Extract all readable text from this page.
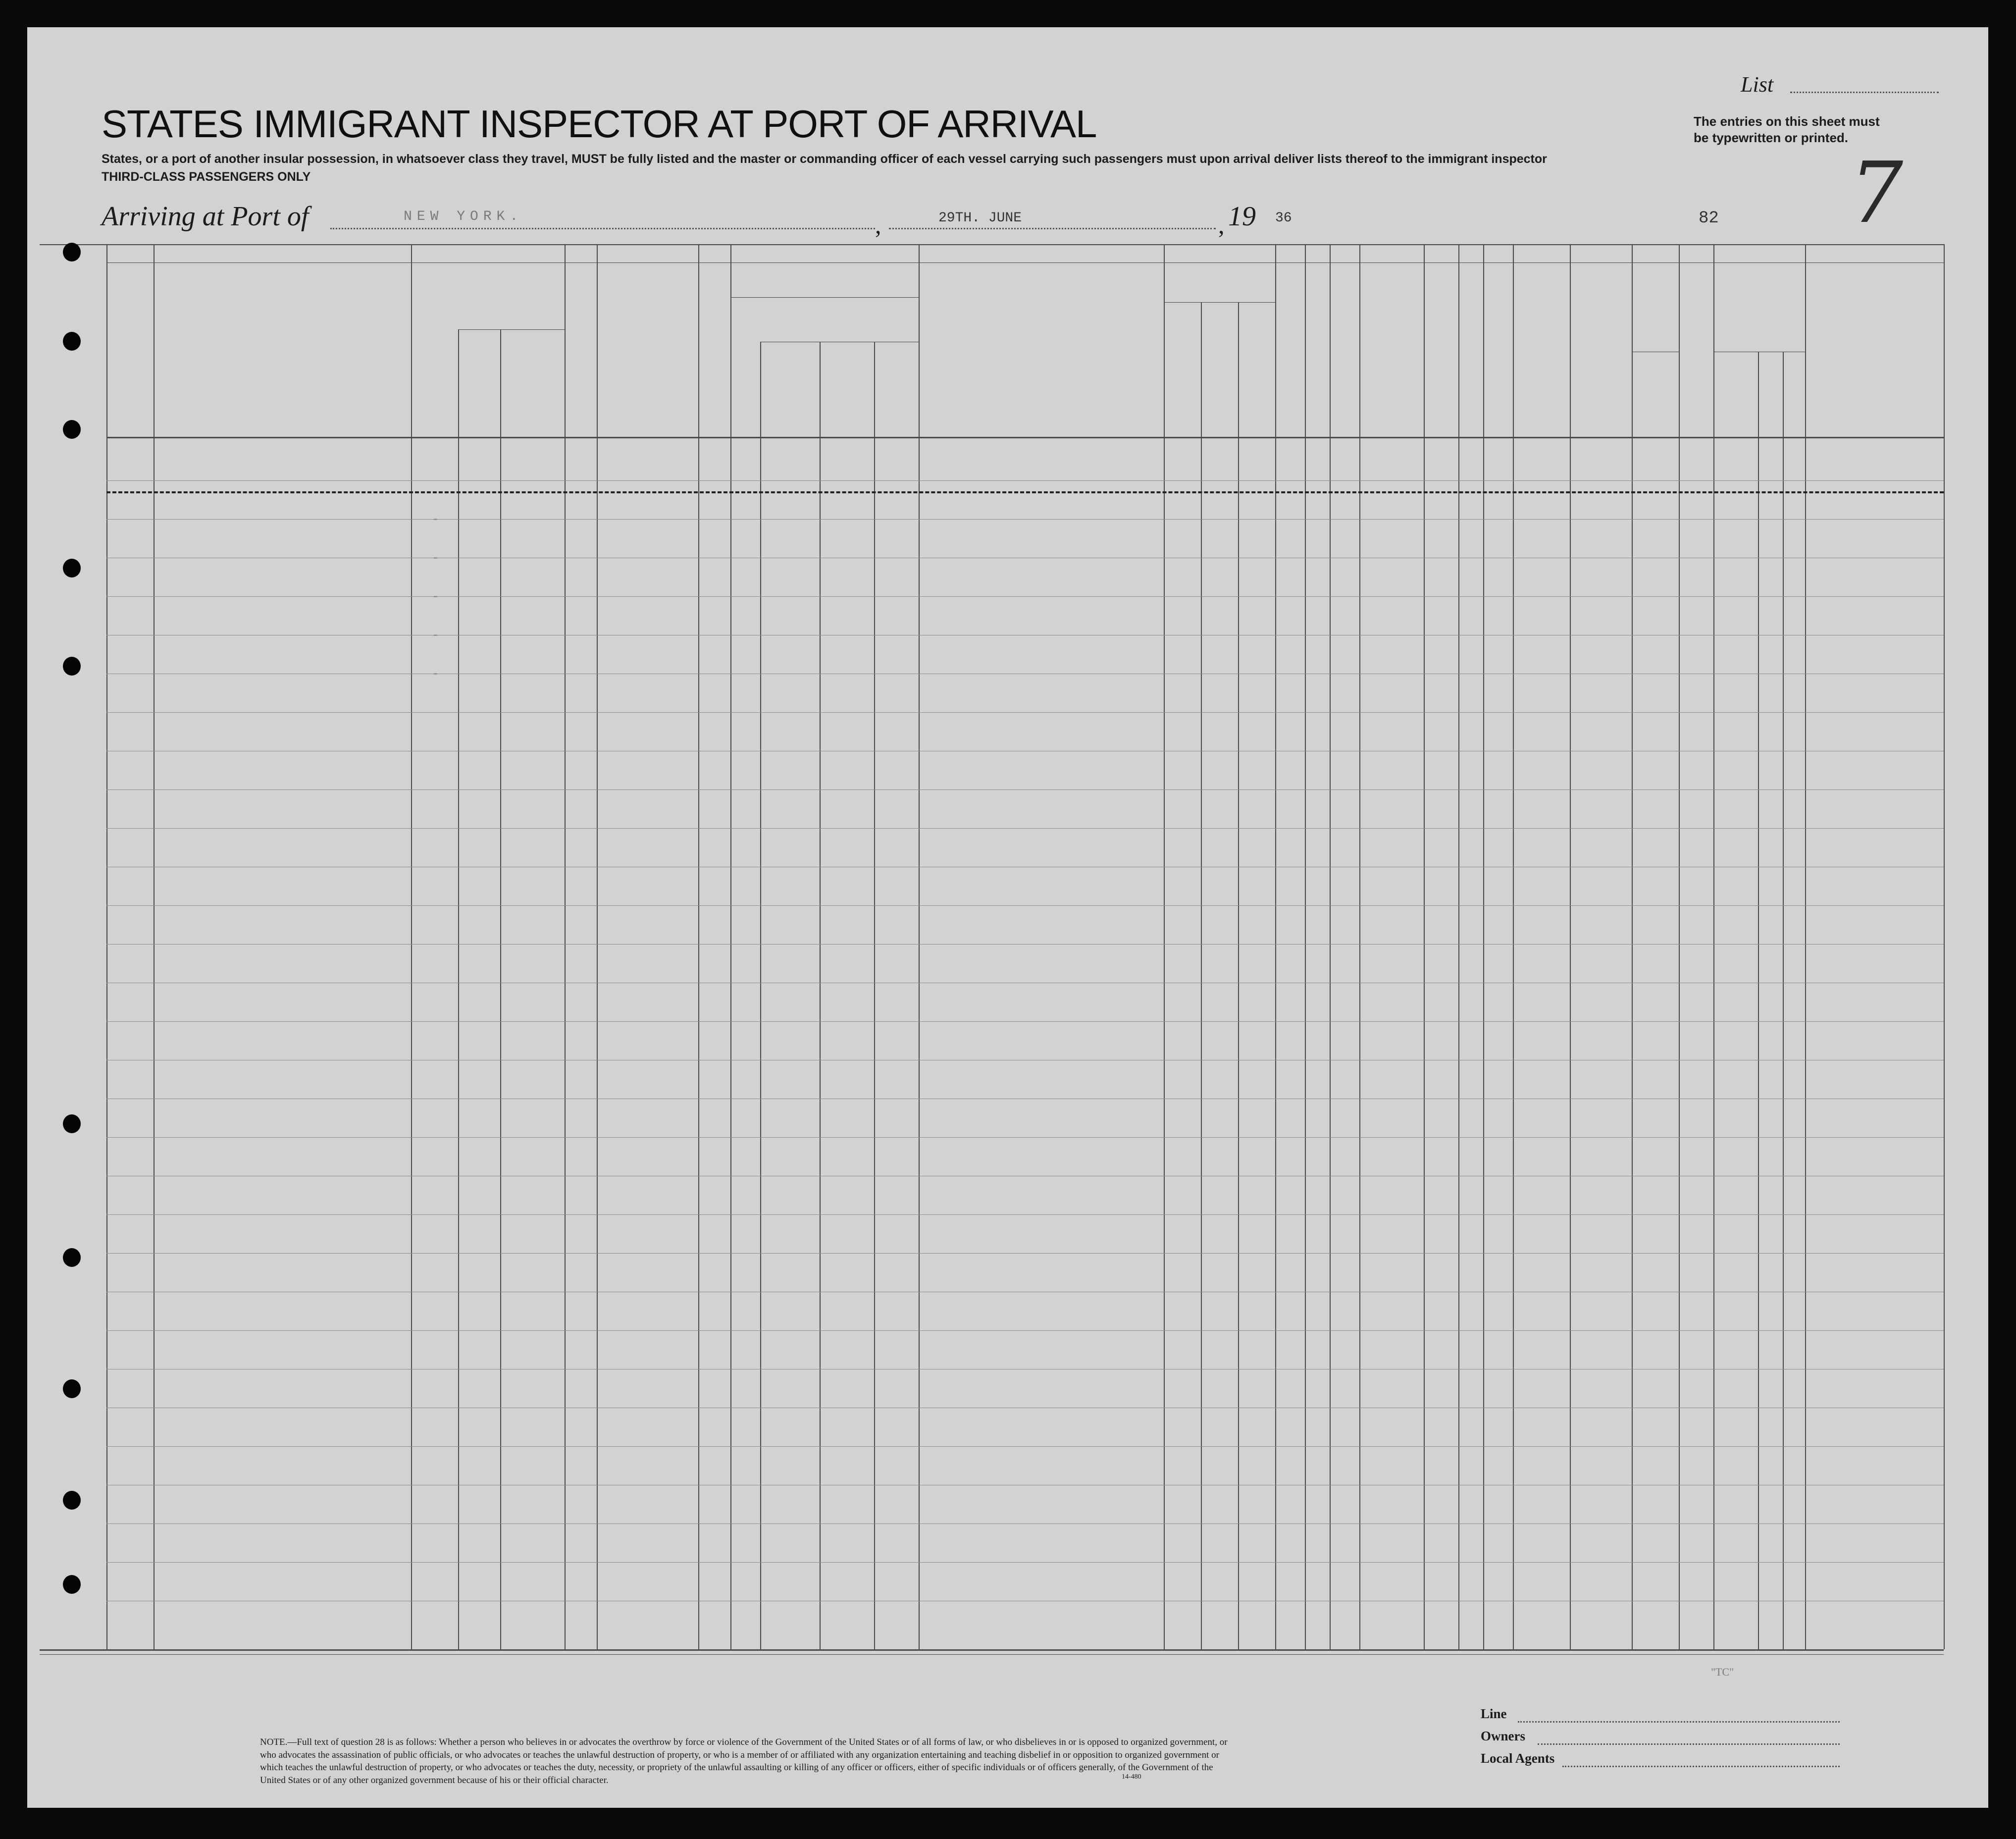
STATES IMMIGRANT INSPECTOR AT PORT OF ARRIVAL
States, or a port of another insular possession, in whatsoever class they travel, MUST be fully listed and the master or commanding officer of each vessel carrying such passengers must upon arrival deliver lists thereof to the immigrant inspector
THIRD-CLASS PASSENGERS ONLY
List
The entries on this sheet must
be typewritten or printed.
7
Arriving at Port of	NEW YORK.	,	29TH. JUNE	, 19 36	82
-
-
-
-
-
NOTE.—Full text of question 28 is as follows: Whether a person who believes in or advocates the overthrow by force or violence of the Government of the United States or of all forms of law, or who disbelieves in or is opposed to organized government, or who advocates the assassination of public officials, or who advocates or teaches the unlawful destruction of property, or who is a member of or affiliated with any organization entertaining and teaching disbelief in or opposition to organized government or which teaches the unlawful destruction of property, or who advocates or teaches the duty, necessity, or propriety of the unlawful assaulting or killing of any officer or officers, either of specific individuals or of officers generally, of the Government of the United States or of any other organized government because of his or their official character.	14-480
"TC"
Line
Owners
Local Agents
